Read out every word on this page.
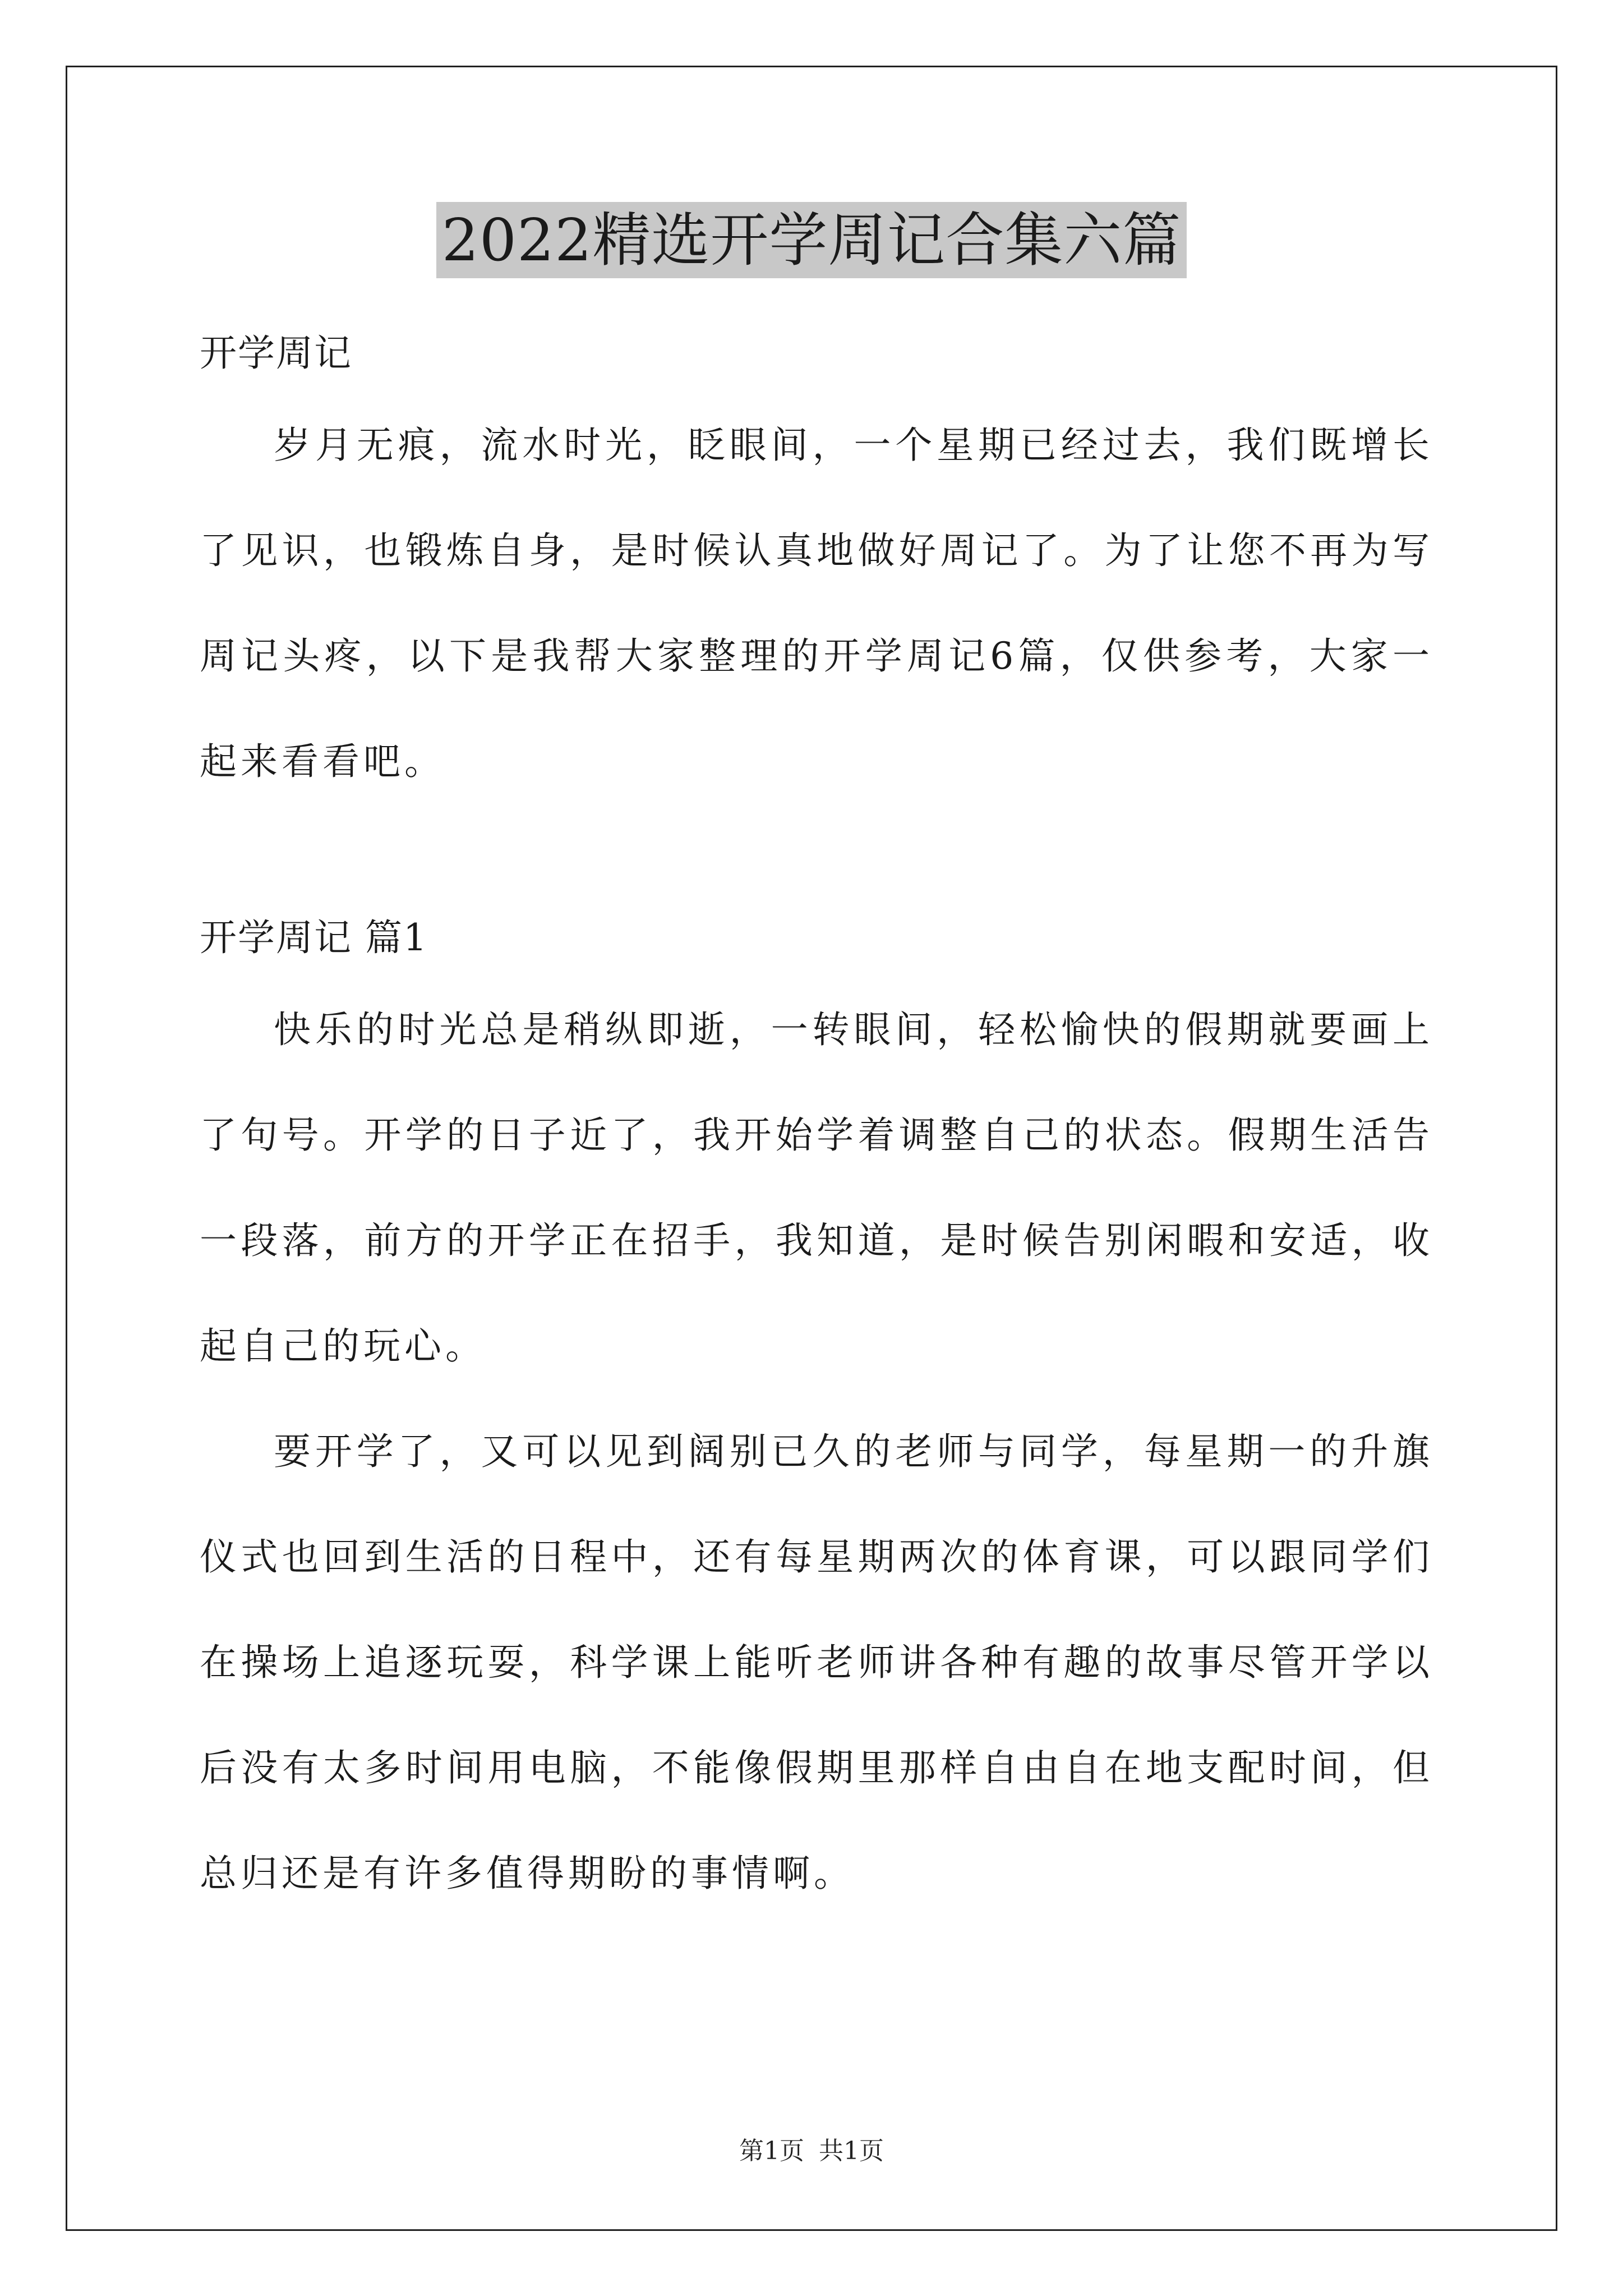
2022精选开学周记合集六篇

开学周记

岁月无痕，流水时光，眨眼间，一个星期已经过去，我们既增长了见识，也锻炼自身，是时候认真地做好周记了。为了让您不再为写周记头疼，以下是我帮大家整理的开学周记6篇，仅供参考，大家一起来看看吧。

开学周记 篇1

快乐的时光总是稍纵即逝，一转眼间，轻松愉快的假期就要画上了句号。开学的日子近了，我开始学着调整自己的状态。假期生活告一段落，前方的开学正在招手，我知道，是时候告别闲暇和安适，收起自己的玩心。

要开学了，又可以见到阔别已久的老师与同学，每星期一的升旗仪式也回到生活的日程中，还有每星期两次的体育课，可以跟同学们在操场上追逐玩耍，科学课上能听老师讲各种有趣的故事尽管开学以后没有太多时间用电脑，不能像假期里那样自由自在地支配时间，但总归还是有许多值得期盼的事情啊。

第1页 共1页
